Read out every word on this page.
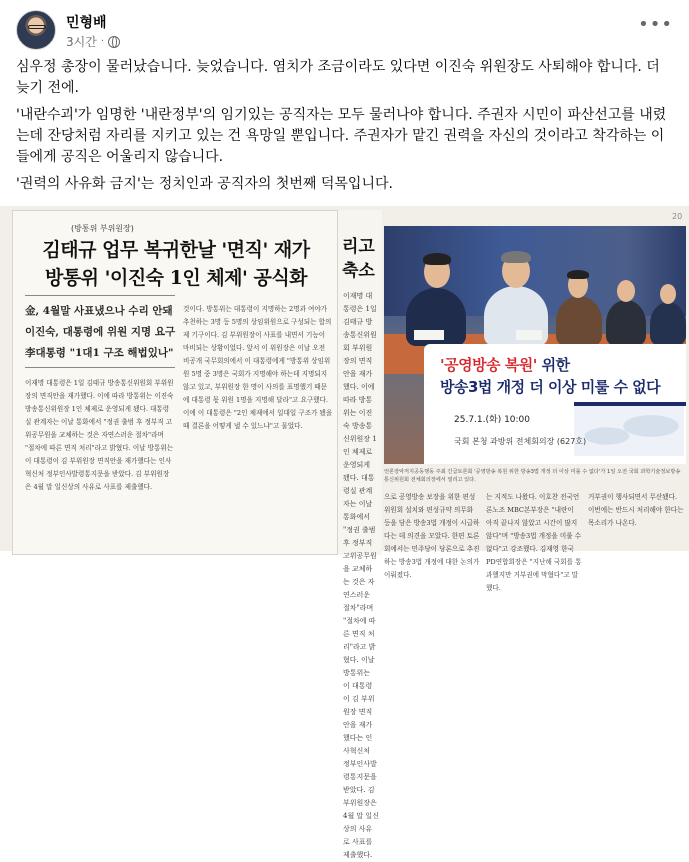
민형배
3시간 ·
•••

심우정 총장이 물러났습니다. 늦었습니다. 염치가 조금이라도 있다면 이진숙 위원장도 사퇴해야 합니다. 더 늦기 전에.

'내란수괴'가 임명한 '내란정부'의 임기있는 공직자는 모두 물러나야 합니다. 주권자 시민이 파산선고를 내렸는데 잔당처럼 자리를 지키고 있는 건 욕망일 뿐입니다. 주권자가 맡긴 권력을 자신의 것이라고 착각하는 이들에게 공직은 어울리지 않습니다.

'권력의 사유화 금지'는 정치인과 공직자의 첫번째 덕목입니다.

(방통위 부위원장)
김태규 업무 복귀한날 '면직' 재가
방통위 '이진숙 1인 체제' 공식화
金, 4월말 사표냈으나 수리 안돼
이진숙, 대통령에 위원 지명 요구
李대통령 "1대1 구조 해법있나"
이재명 대통령은 1일 김태규 방송통신위원회 부위원장의 면직안을 재가했다. 이에 따라 방통위는 이진숙 방송통신위원장 1인 체제로 운영되게 됐다. 대통령실 관계자는 이날 통화에서 "정권 출범 후 정부직 고위공무원을 교체하는 것은 자연스러운 절차"라며 "절차에 따른 면직 처리"라고 밝혔다. 이날 방통위는 이 대통령이 김 부위원장 면직안을 재가했다는 인사혁신처 정부인사발령통지문을 받았다. 김 부위원장은 4월 말 일신상의 사유로 사표를 제출했다.
것이다. 방통위는 대통령이 지명하는 2명과 여야가 추천하는 3명 등 5명의 상임위원으로 구성되는 합의제 기구이다. 김 부위원장이 사표를 내면서 기능이 마비되는 상황이었다. 앞서 이 위원장은 이날 오전 비공개 국무회의에서 이 대통령에게 "방통위 상임위원 5명 중 3명은 국회가 지명해야 하는데 지명되지 않고 있고, 부위원장 한 명이 사의를 표명했기 때문에 대통령 몫 위원 1명을 지명해 달라"고 요구했다. 이에 이 대통령은 "2인 체제에서 일대일 구조가 됐을 때 결론을 어떻게 낼 수 있느냐"고 물었다.
리고
축소
이재명 대통령은 1일 김태규 방송통신위원회 부위원장의 면직안을 재가했다. 이에 따라 방통위는 이진숙 방송통신위원장 1인 체제로 운영되게 됐다. 대통령실 관계자는 이날 통화에서 "정권 출범 후 정부직 고위공무원을 교체하는 것은 자연스러운 절차"라며 "절차에 따른 면직 처리"라고 밝혔다. 이날 방통위는 이 대통령이 김 부위원장 면직안을 재가했다는 인사혁신처 정부인사발령통지문을 받았다. 김 부위원장은 4월 말 일신상의 사유로 사표를 제출했다.
20
'공영방송 복원' 위한
방송3법 개정 더 이상 미룰 수 없다
25.7.1.(화) 10:00
국회 본청 과방위 전체회의장 (627호)
언론장악저지공동행동 주최 긴급토론회 '공영방송 복원 위한 방송3법 개정 더 이상 미룰 수 없다'가 1일 오전 국회 과학기술정보방송통신위원회 전체회의장에서 열리고 있다.
으로 공영방송 보장을 위한 편성위원회 설치와 편성규약 의무화 등을 담은 방송3법 개정이 시급하다는 데 의견을 모았다. 한편 토론회에서는 민주당이 당론으로 추진하는 방송3법 개정에 대한 논의가 이뤄졌다.
는 지적도 나왔다. 이호찬 전국언론노조 MBC본부장은 "내란이 아직 끝나지 않았고 시간이 많지 않다"며 "방송3법 개정을 미룰 수 없다"고 강조했다. 김재영 한국PD연합회장은 "지난해 국회를 통과했지만 거부권에 막혔다"고 말했다.
거부권이 행사되면서 무산됐다. 이번에는 반드시 처리해야 한다는 목소리가 나온다.
